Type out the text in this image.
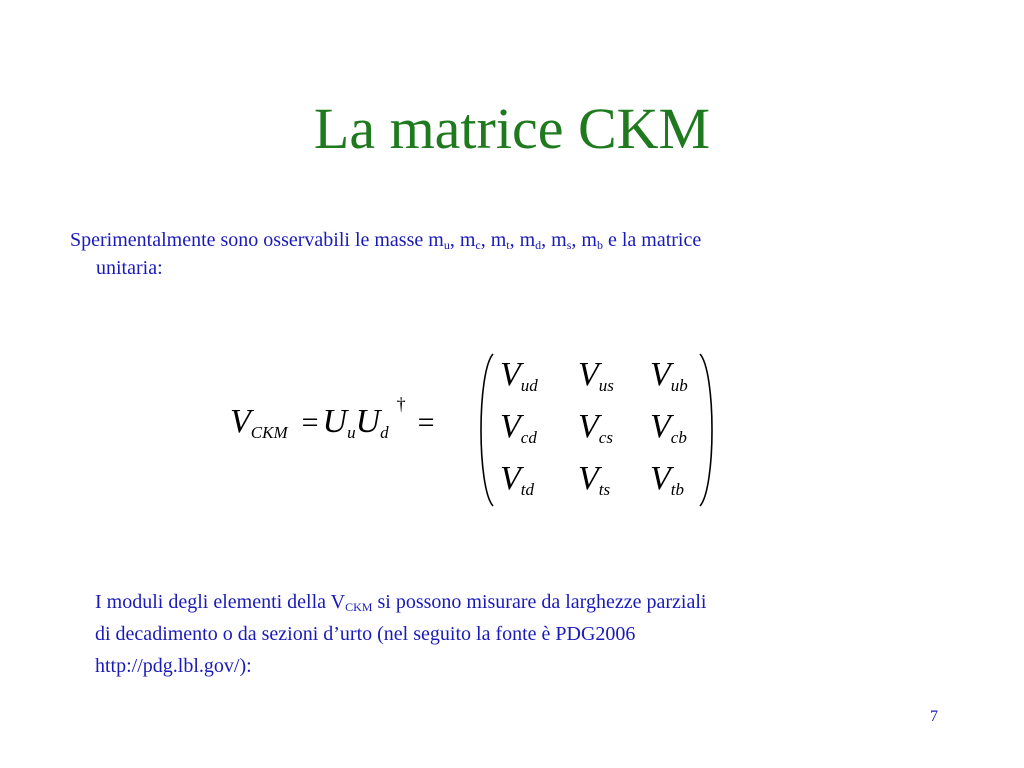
La matrice CKM
Sperimentalmente sono osservabili le masse $m_u$, $m_c$, $m_t$, $m_d$, $m_s$, $m_b$ e la matrice
unitaria:
VCKM = UuUd† =
Vud Vus Vub
Vcd Vcs Vcb
Vtd Vts Vtb
I moduli degli elementi della $V_{CKM}$ si possono misurare da larghezze parziali
di decadimento o da sezioni d’urto (nel seguito la fonte è PDG2006
http://pdg.lbl.gov/):
7
